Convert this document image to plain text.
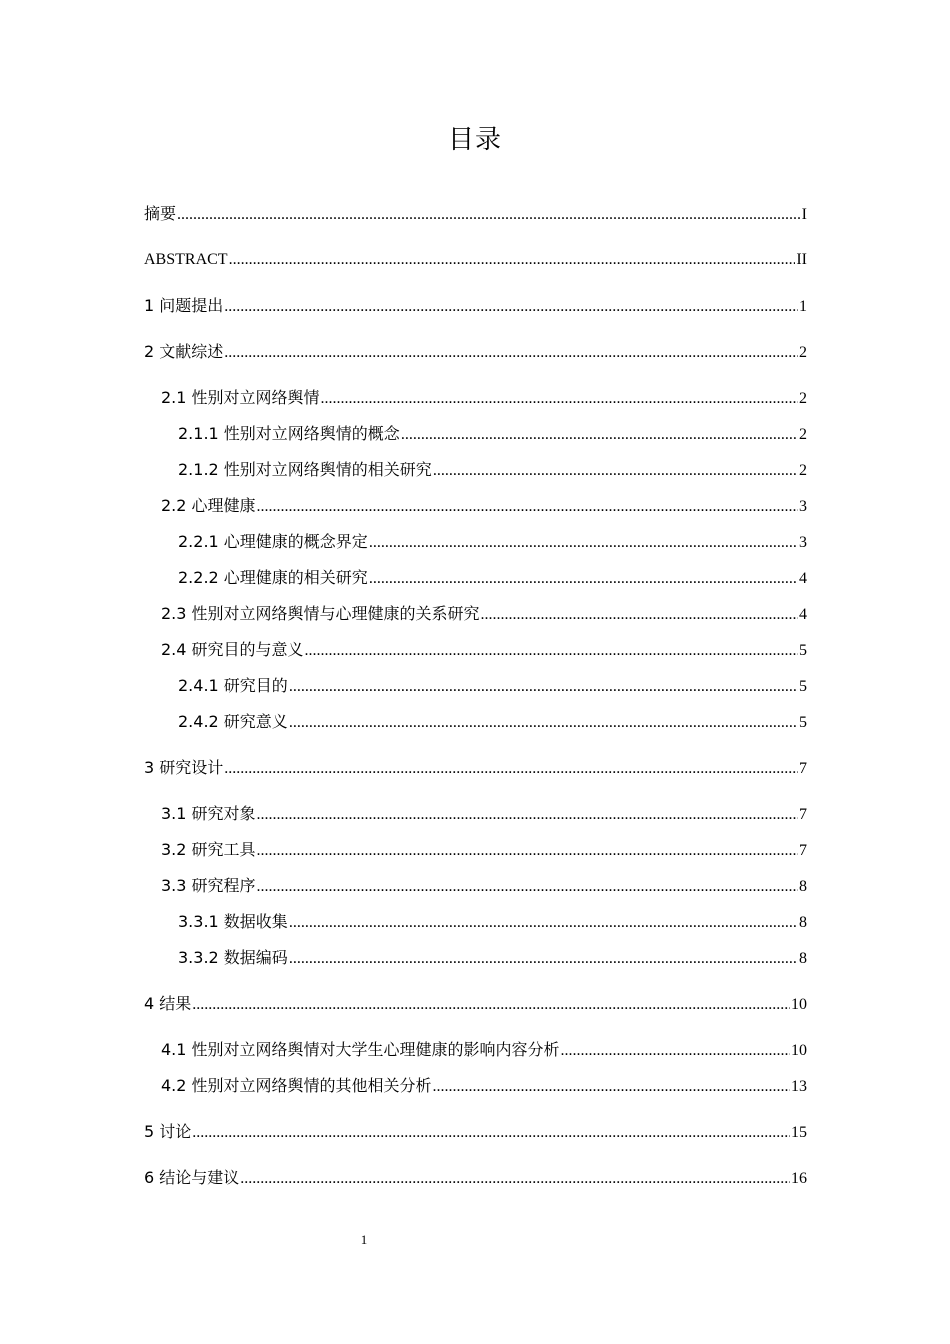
目录
摘要 .....	I
ABSTRACT .....	II
1 问题提出 .....	1
2 文献综述 .....	2
2.1 性别对立网络舆情 .....	2
2.1.1 性别对立网络舆情的概念 .....	2
2.1.2 性别对立网络舆情的相关研究 .....	2
2.2 心理健康 .....	3
2.2.1 心理健康的概念界定 .....	3
2.2.2 心理健康的相关研究 .....	4
2.3 性别对立网络舆情与心理健康的关系研究 .....	4
2.4 研究目的与意义 .....	5
2.4.1 研究目的 .....	5
2.4.2 研究意义 .....	5
3 研究设计 .....	7
3.1 研究对象 .....	7
3.2 研究工具 .....	7
3.3 研究程序 .....	8
3.3.1 数据收集 .....	8
3.3.2 数据编码 .....	8
4 结果 .....	10
4.1 性别对立网络舆情对大学生心理健康的影响内容分析 .....	10
4.2 性别对立网络舆情的其他相关分析 .....	13
5 讨论 .....	15
6 结论与建议 .....	16
1
